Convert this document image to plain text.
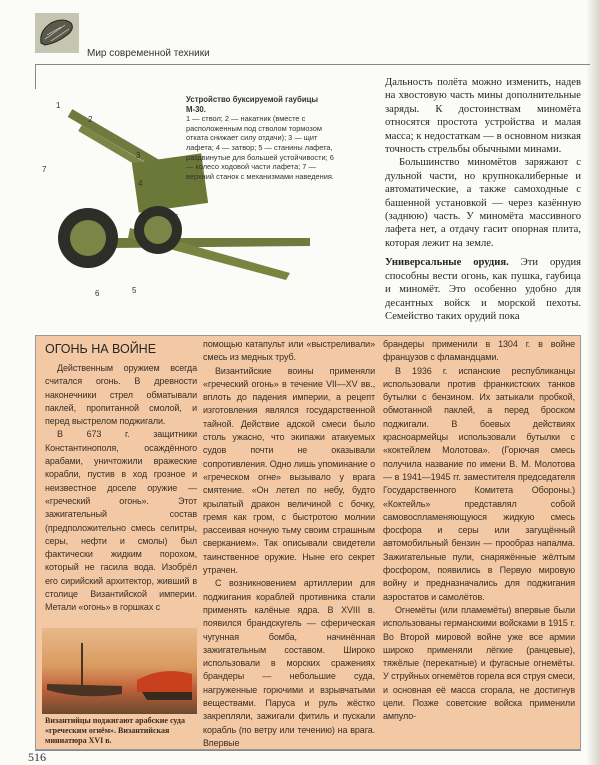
Мир современной техники
1
2
3
4
5
6
7
5
Устройство буксируемой гаубицы М-30.
1 — ствол; 2 — накатник (вместе с расположенным под стволом тормозом отката снижает силу отдачи); 3 — щит лафета; 4 — затвор; 5 — станины лафета, раздвинутые для большей устойчивости; 6 — колесо ходовой части лафета; 7 — верхний станок с механизмами наведения.

Дальность полёта можно изменить, надев на хвостовую часть мины дополнительные заряды. К достоинствам миномёта относятся простота устройства и малая масса; к недостаткам — в основном низкая точность стрельбы обычными минами.

Большинство миномётов заряжают с дульной части, но крупнокалиберные и автоматические, а также самоходные с башенной установкой — через казённую (заднюю) часть. У миномёта массивного лафета нет, а отдачу гасит опорная плита, которая лежит на земле.

Универсальные орудия. Эти орудия способны вести огонь, как пушка, гаубица и миномёт. Это особенно удобно для десантных войск и морской пехоты. Семейство таких орудий пока

ОГОНЬ НА ВОЙНЕ

Действенным оружием всегда считался огонь. В древности наконечники стрел обматывали паклей, пропитанной смолой, и перед выстрелом поджигали.

В 673 г. защитники Константинополя, осаждённого арабами, уничтожили вражеские корабли, пустив в ход грозное и неизвестное доселе оружие — «греческий огонь». Этот зажигательный состав (предположительно смесь селитры, серы, нефти и смолы) был фактически жидким порохом, который не гасила вода. Изобрёл его сирийский архитектор, живший в столице Византийской империи. Метали «огонь» в горшках с

помощью катапульт или «выстреливали» смесь из медных труб.

Византийские воины применяли «греческий огонь» в течение VII—XV вв., вплоть до падения империи, а рецепт изготовления являлся государственной тайной. Действие адской смеси было столь ужасно, что экипажи атакуемых судов почти не оказывали сопротивления. Одно лишь упоминание о «греческом огне» вызывало у врага смятение. «Он летел по небу, будто крылатый дракон величиной с бочку, гремя как гром, с быстротою молнии рассеивая ночную тьму своим страшным сверканием». Так описывали свидетели таинственное оружие. Ныне его секрет утрачен.

С возникновением артиллерии для поджигания кораблей противника стали применять калёные ядра. В XVIII в. появился брандскугель — сферическая чугунная бомба, начинённая зажигательным составом. Широко использовали в морских сражениях брандеры — небольшие суда, нагруженные горючими и взрывчатыми веществами. Паруса и руль жёстко закрепляли, зажигали фитиль и пускали корабль (по ветру или течению) на врага. Впервые

брандеры применили в 1304 г. в войне французов с фламандцами.

В 1936 г. испанские республиканцы использовали против франкистских танков бутылки с бензином. Их затыкали пробкой, обмотанной паклей, а перед броском поджигали. В боевых действиях красноармейцы использовали бутылки с «коктейлем Молотова». (Горючая смесь получила название по имени В. М. Молотова — в 1941—1945 гг. заместителя председателя Государственного Комитета Обороны.) «Коктейль» представлял собой самовоспламеняющуюся жидкую смесь фосфора и серы или загущённый автомобильный бензин — прообраз напалма. Зажигательные пули, снаряжённые жёлтым фосфором, появились в Первую мировую войну и предназначались для поджигания аэростатов и самолётов.

Огнемёты (или пламемёты) впервые были использованы германскими войсками в 1915 г. Во Второй мировой войне уже все армии широко применяли лёгкие (ранцевые), тяжёлые (перекатные) и фугасные огнемёты. У струйных огнемётов горела вся струя смеси, и основная её масса сгорала, не достигнув цели. Позже советские войска применили ампуло-

Византийцы поджигают арабские суда «греческим огнём». Византийская миниатюра XVI в.
516
